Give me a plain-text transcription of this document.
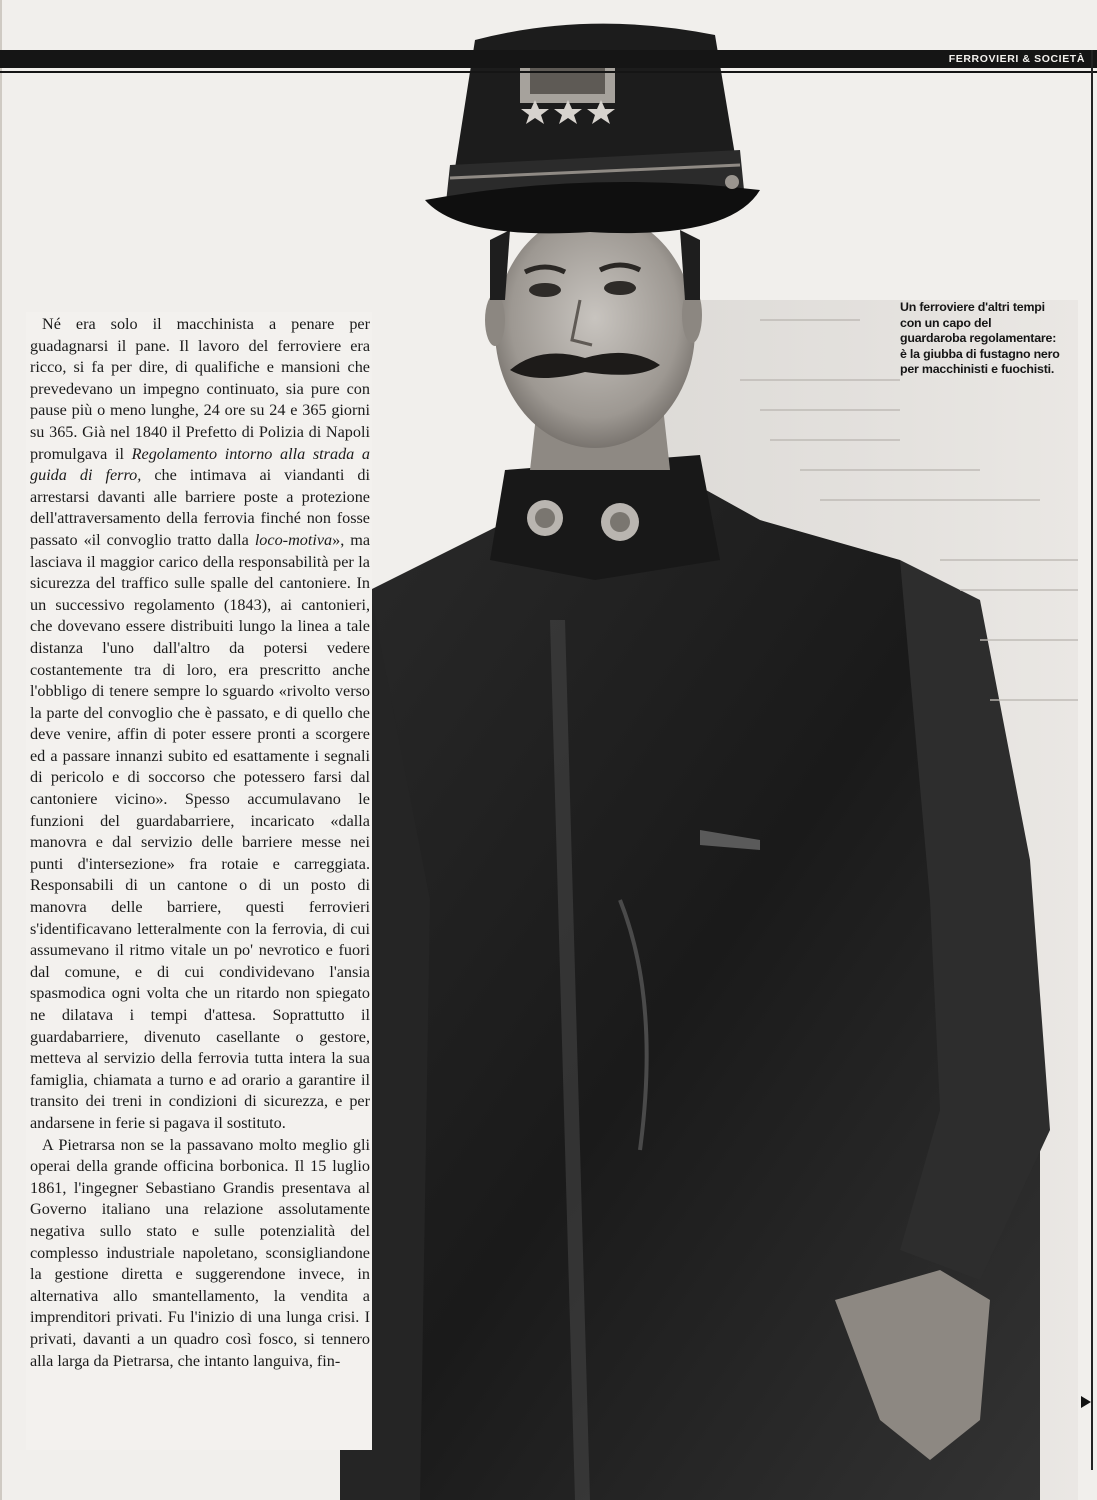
FERROVIERI & SOCIETÀ
Un ferroviere d'altri tempi con un capo del guardaroba regolamentare: è la giubba di fustagno nero per macchinisti e fuochisti.

Né era solo il macchinista a penare per guadagnarsi il pane. Il lavoro del ferroviere era ricco, si fa per dire, di qualifiche e mansioni che prevedevano un impegno continuato, sia pure con pause più o meno lunghe, 24 ore su 24 e 365 giorni su 365. Già nel 1840 il Prefetto di Polizia di Napoli promulgava il Regolamento intorno alla strada a guida di ferro, che intimava ai viandanti di arrestarsi davanti alle barriere poste a protezione dell'attraversamento della ferrovia finché non fosse passato «il convoglio tratto dalla loco-motiva», ma lasciava il maggior carico della responsabilità per la sicurezza del traffico sulle spalle del cantoniere. In un successivo regolamento (1843), ai cantonieri, che dovevano essere distribuiti lungo la linea a tale distanza l'uno dall'altro da potersi vedere costantemente tra di loro, era prescritto anche l'obbligo di tenere sempre lo sguardo «rivolto verso la parte del convoglio che è passato, e di quello che deve venire, affin di poter essere pronti a scorgere ed a passare innanzi subito ed esattamente i segnali di pericolo e di soccorso che potessero farsi dal cantoniere vicino». Spesso accumulavano le funzioni del guardabarriere, incaricato «dalla manovra e dal servizio delle barriere messe nei punti d'intersezione» fra rotaie e carreggiata. Responsabili di un cantone o di un posto di manovra delle barriere, questi ferrovieri s'identificavano letteralmente con la ferrovia, di cui assumevano il ritmo vitale un po' nevrotico e fuori dal comune, e di cui condividevano l'ansia spasmodica ogni volta che un ritardo non spiegato ne dilatava i tempi d'attesa. Soprattutto il guardabarriere, divenuto casellante o gestore, metteva al servizio della ferrovia tutta intera la sua famiglia, chiamata a turno e ad orario a garantire il transito dei treni in condizioni di sicurezza, e per andarsene in ferie si pagava il sostituto.

A Pietrarsa non se la passavano molto meglio gli operai della grande officina borbonica. Il 15 luglio 1861, l'ingegner Sebastiano Grandis presentava al Governo italiano una relazione assolutamente negativa sullo stato e sulle potenzialità del complesso industriale napoletano, sconsigliandone la gestione diretta e suggerendone invece, in alternativa allo smantellamento, la vendita a imprenditori privati. Fu l'inizio di una lunga crisi. I privati, davanti a un quadro così fosco, si tennero alla larga da Pietrarsa, che intanto languiva, fin-
